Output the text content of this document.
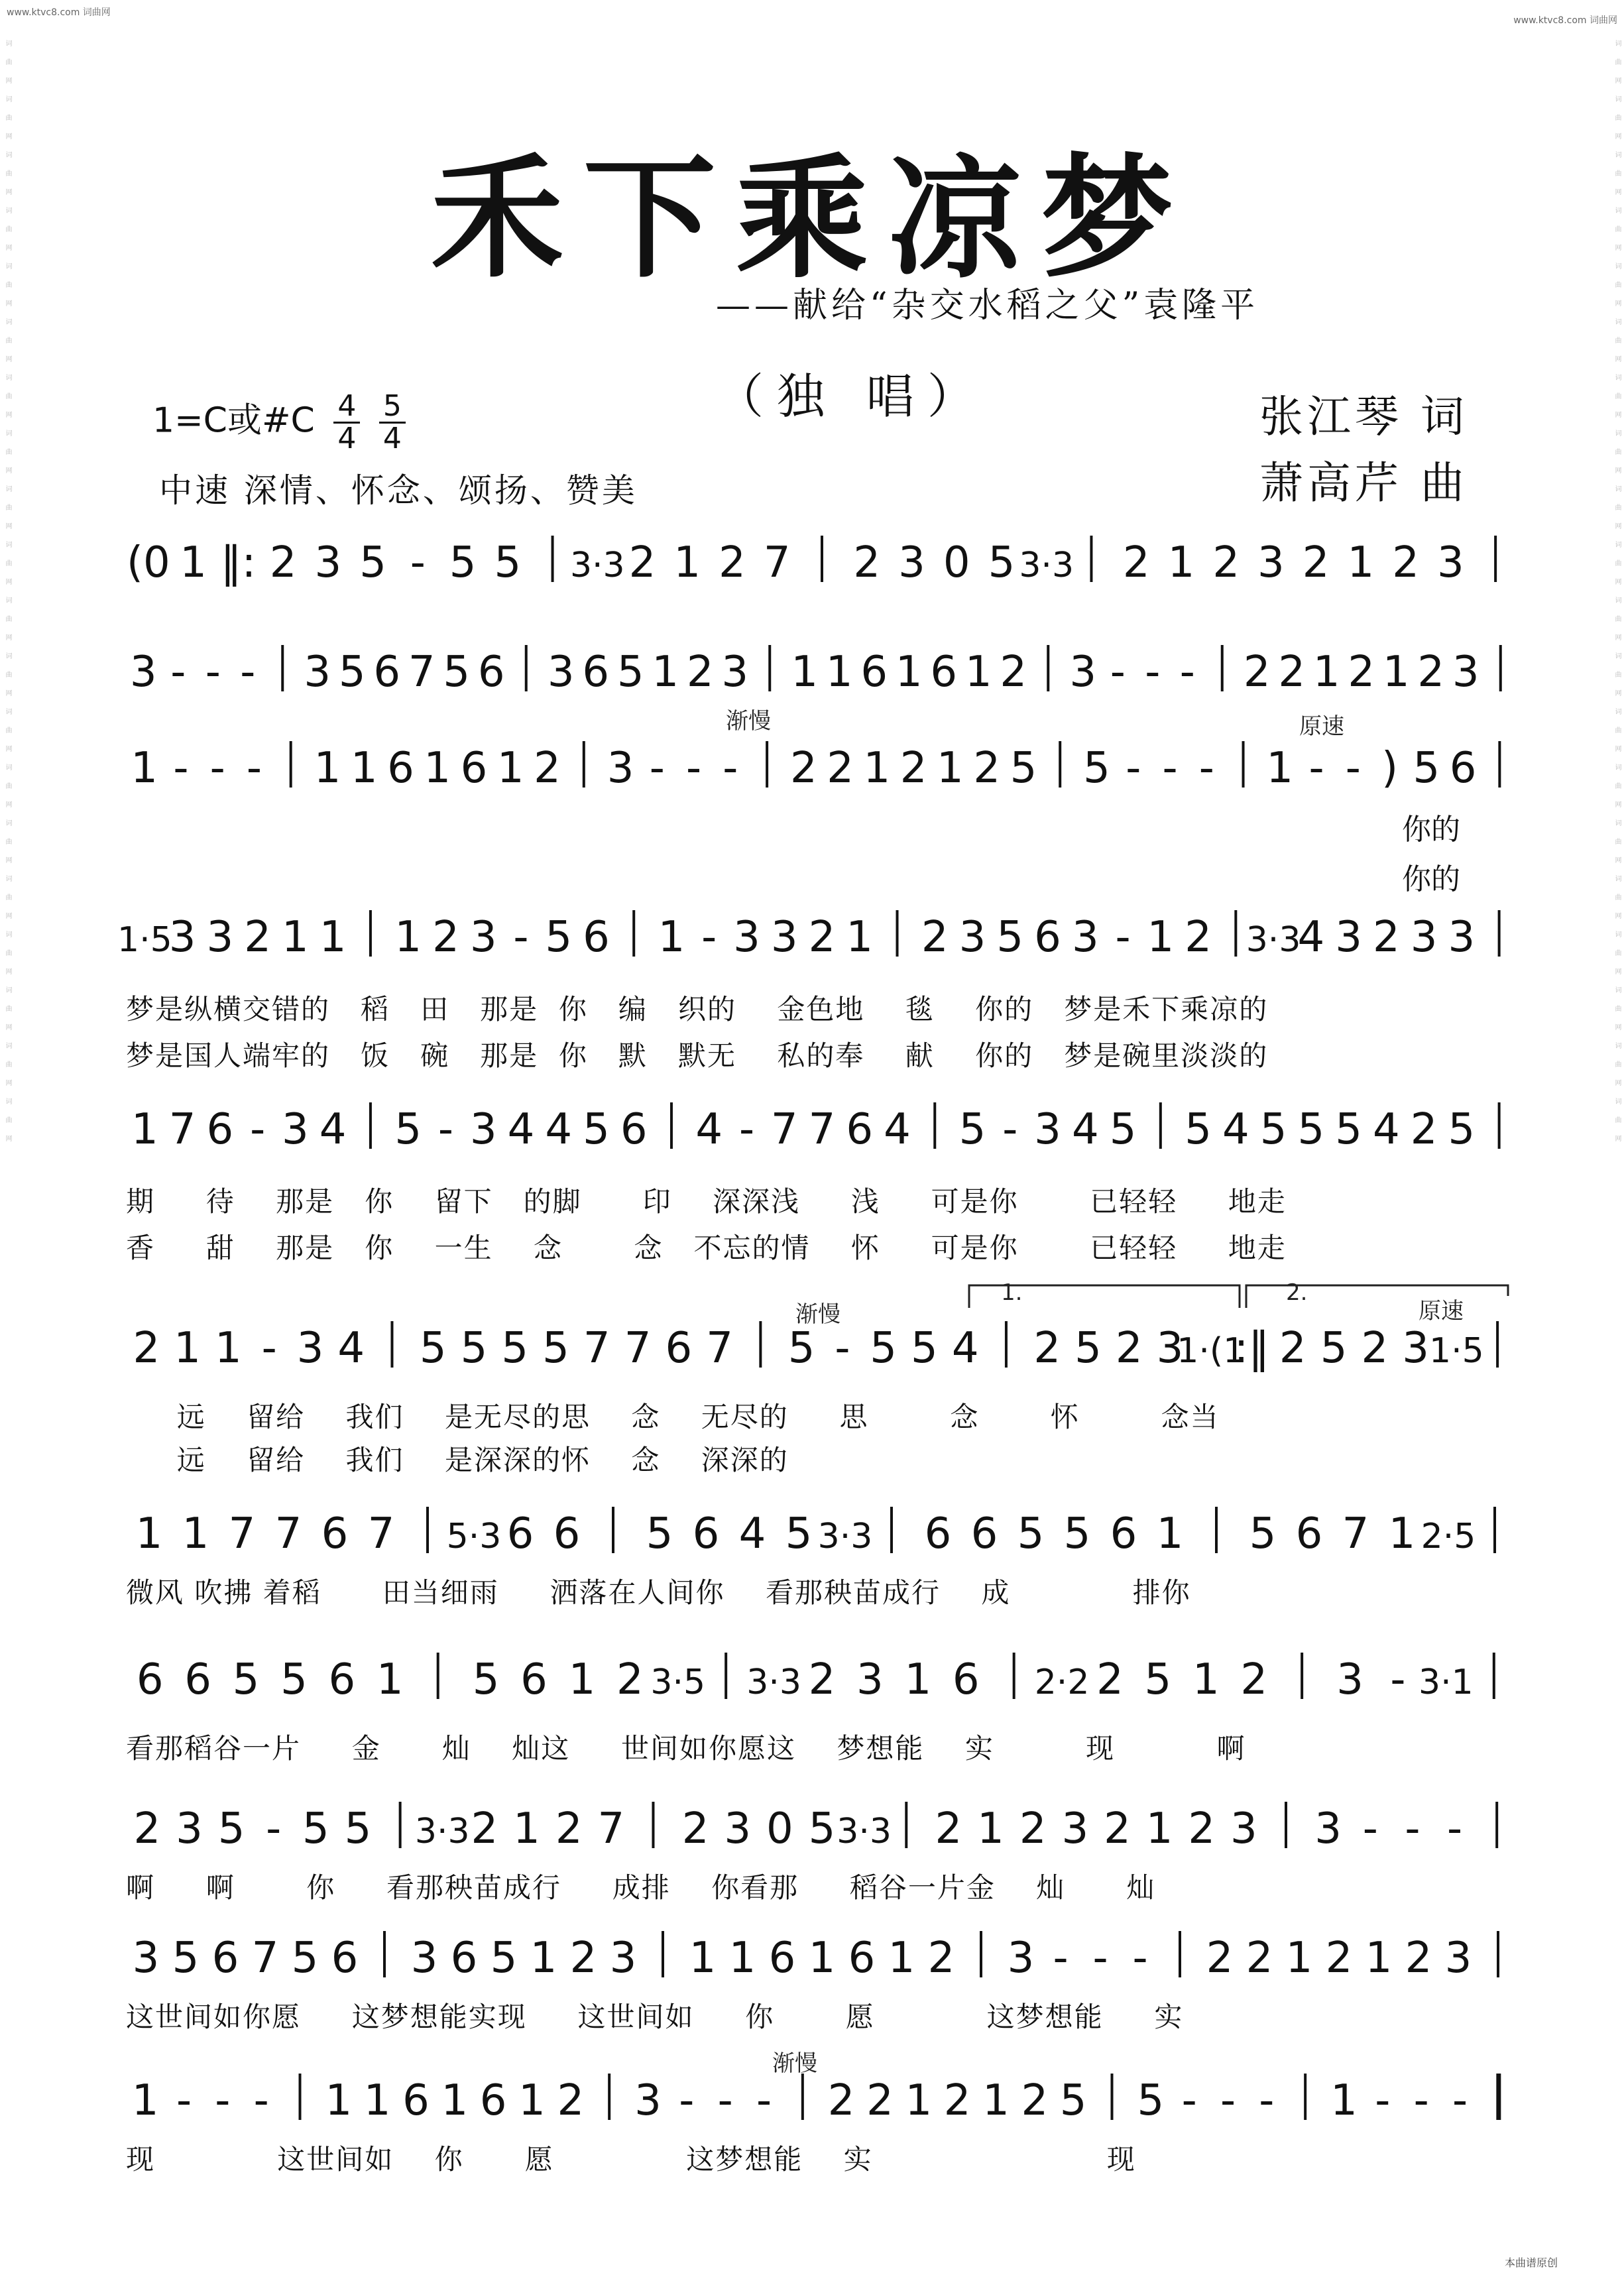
www.ktvc8.com 词曲网
www.ktvc8.com 词曲网
词曲网词曲网词曲网词曲网词曲网词曲网词曲网词曲网词曲网词曲网词曲网词曲网词曲网词曲网词曲网词曲网词曲网词曲网词曲网词曲网	词曲网词曲网词曲网词曲网词曲网词曲网词曲网词曲网词曲网词曲网词曲网词曲网词曲网词曲网词曲网词曲网词曲网词曲网词曲网词曲网
禾下乘凉梦
——献给“杂交水稻之父”袁隆平
（独 唱）	张江琴 词
萧高芹 曲
1=C或#C $\frac{4}{4}$
$\frac{5}{4}$
中速 深情、怀念、颂扬、赞美
渐慢	原速
渐慢
1.	2.
原速
渐慢
你的
你的
(0 1 ‖: 2 3 5 - 5 5 3·3 2 1 2 7 2 3 0 5 3·3 2 1 2 3 2 1 2 3
3 - - - 3 5 6 7 5 6 3 6 5 1 2 3 1 1 6 1 6 1 2 3 - - - 2 2 1 2 1 2 3
1 - - - 1 1 6 1 6 1 2 3 - - - 2 2 1 2 1 2 5 5 - - - 1 - - ) 5 6
1·5
3 3 2 1 1 1 2 3 - 5 6 1 - 3 3 2 1 2 3 5 6 3 - 1 2 3·3
4 3 2 3 3
1 7 6 - 3 4 5 - 3 4 4 5 6 4 - 7 7 6 4 5 - 3 4 5 5 4 5 5 5 4 2 5
2 1 1 - 3 4 5 5 5 5 7 7 6 7 5 - 5 5 4 2 5 2 3
1·(1
:‖ 2 5 2 3 1·5
1 1 7 7 6 7 5·3 6 6 5 6 4 5 3·3 6 6 5 5 6 1 5 6 7 1 2·5
6 6 5 5 6 1 5 6 1 2 3·5 3·3 2 3 1 6 2·2 2 5 1 2 3 - 3·1
2 3 5 - 5 5 3·3 2 1 2 7 2 3 0 5 3·3 2 1 2 3 2 1 2 3 3 - - -
3 5 6 7 5 6 3 6 5 1 2 3 1 1 6 1 6 1 2 3 - - - 2 2 1 2 1 2 3
1 - - - 1 1 6 1 6 1 2 3 - - - 2 2 1 2 1 2 5 5 - - - 1 - - -
梦是纵横交错的   稻   田   那是  你   编   织的    金色地    毯    你的   梦是禾下乘凉的
梦是国人端牢的   饭   碗   那是  你   默   默无    私的奉    献    你的   梦是碗里淡淡的
期     待    那是   你    留下   的脚      印    深深浅     浅     可是你       已轻轻     地走
香     甜    那是   你    一生    念       念   不忘的情    怀     可是你       已轻轻     地走
远    留给    我们    是无尽的思    念    无尽的     思        念       怀        念当
远    留给    我们    是深深的怀    念    深深的
微风 吹拂 着稻      田当细雨     洒落在人间你    看那秧苗成行    成            排你
看那稻谷一片     金      灿    灿这     世间如你愿这    梦想能    实         现          啊
啊     啊       你     看那秧苗成行     成排    你看那     稻谷一片金    灿      灿
这世间如你愿     这梦想能实现     这世间如     你       愿           这梦想能     实
现            这世间如    你      愿             这梦想能    实                       现
本曲谱原创
